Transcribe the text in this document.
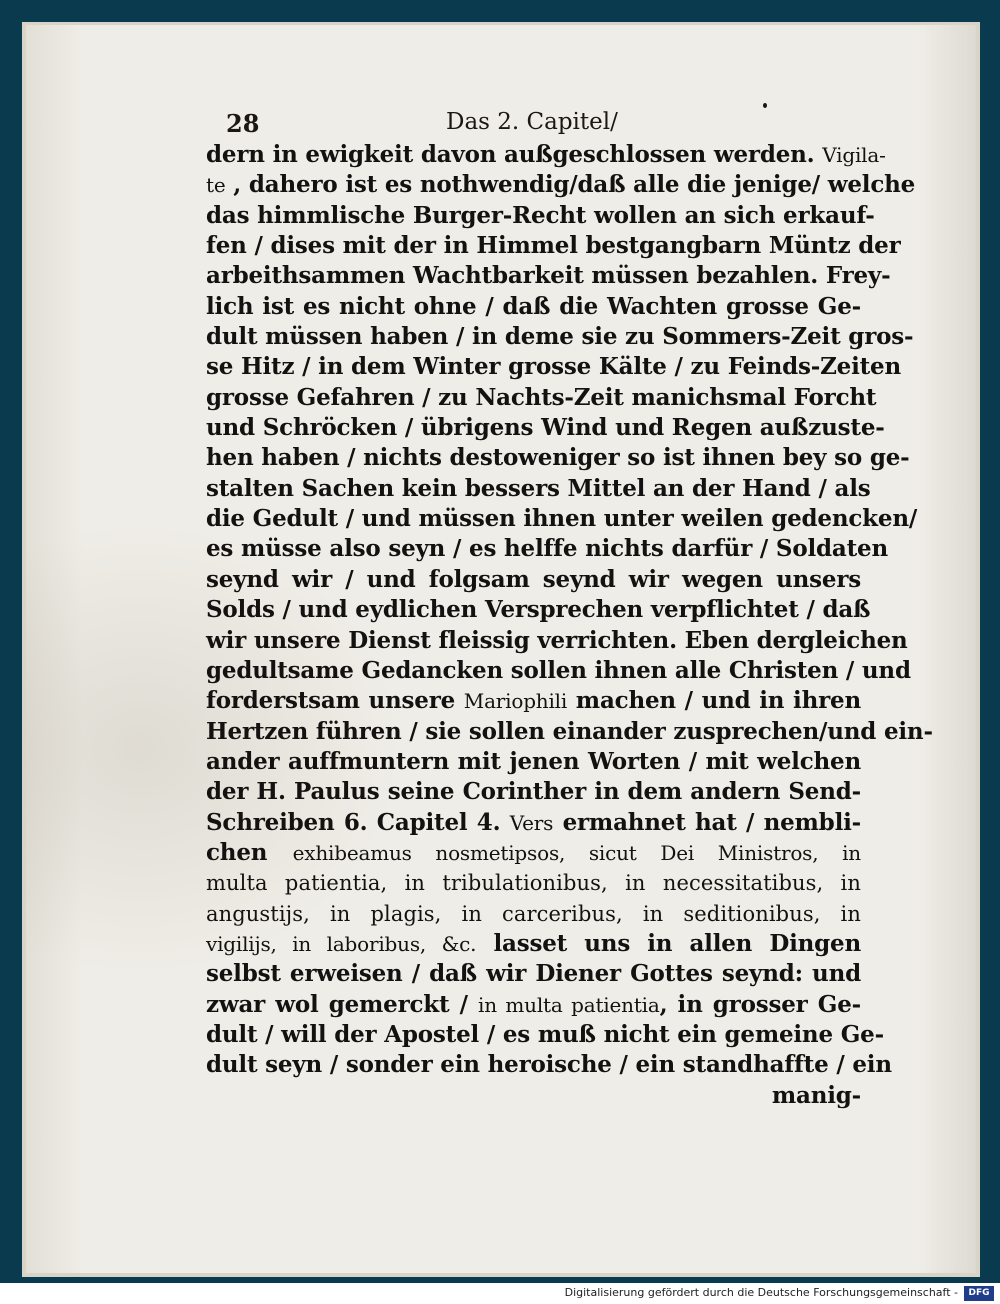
28	Das 2. Capitel/
dern in ewigkeit davon außgeschlossen werden. Vigila-
te , dahero ist es nothwendig/daß alle die jenige/ welche
das himmlische Burger-Recht wollen an sich erkauf-
fen / dises mit der in Himmel bestgangbarn Müntz der
arbeithsammen Wachtbarkeit müssen bezahlen. Frey-
lich ist es nicht ohne / daß die Wachten grosse Ge-
dult müssen haben / in deme sie zu Sommers-Zeit gros-
se Hitz / in dem Winter grosse Kälte / zu Feinds-Zeiten
grosse Gefahren / zu Nachts-Zeit manichsmal Forcht
und Schröcken / übrigens Wind und Regen außzuste-
hen haben / nichts destoweniger so ist ihnen bey so ge-
stalten Sachen kein bessers Mittel an der Hand / als
die Gedult / und müssen ihnen unter weilen gedencken/
es müsse also seyn / es helffe nichts darfür / Soldaten
seynd wir / und folgsam seynd wir wegen unsers
Solds / und eydlichen Versprechen verpflichtet / daß
wir unsere Dienst fleissig verrichten. Eben dergleichen
gedultsame Gedancken sollen ihnen alle Christen / und
forderstsam unsere Mariophili machen / und in ihren
Hertzen führen / sie sollen einander zusprechen/und ein-
ander auffmuntern mit jenen Worten / mit welchen
der H. Paulus seine Corinther in dem andern Send-
Schreiben 6. Capitel 4. Vers ermahnet hat / nembli-
chen exhibeamus nosmetipsos, sicut Dei Ministros, in
multa patientia, in tribulationibus, in necessitatibus, in
angustijs, in plagis, in carceribus, in seditionibus, in
vigilijs, in laboribus, &c. lasset uns in allen Dingen
selbst erweisen / daß wir Diener Gottes seynd: und
zwar wol gemerckt / in multa patientia, in grosser Ge-
dult / will der Apostel / es muß nicht ein gemeine Ge-
dult seyn / sonder ein heroische / ein standhaffte / ein
manig-
Digitalisierung gefördert durch die Deutsche Forschungsgemeinschaft -	DFG
